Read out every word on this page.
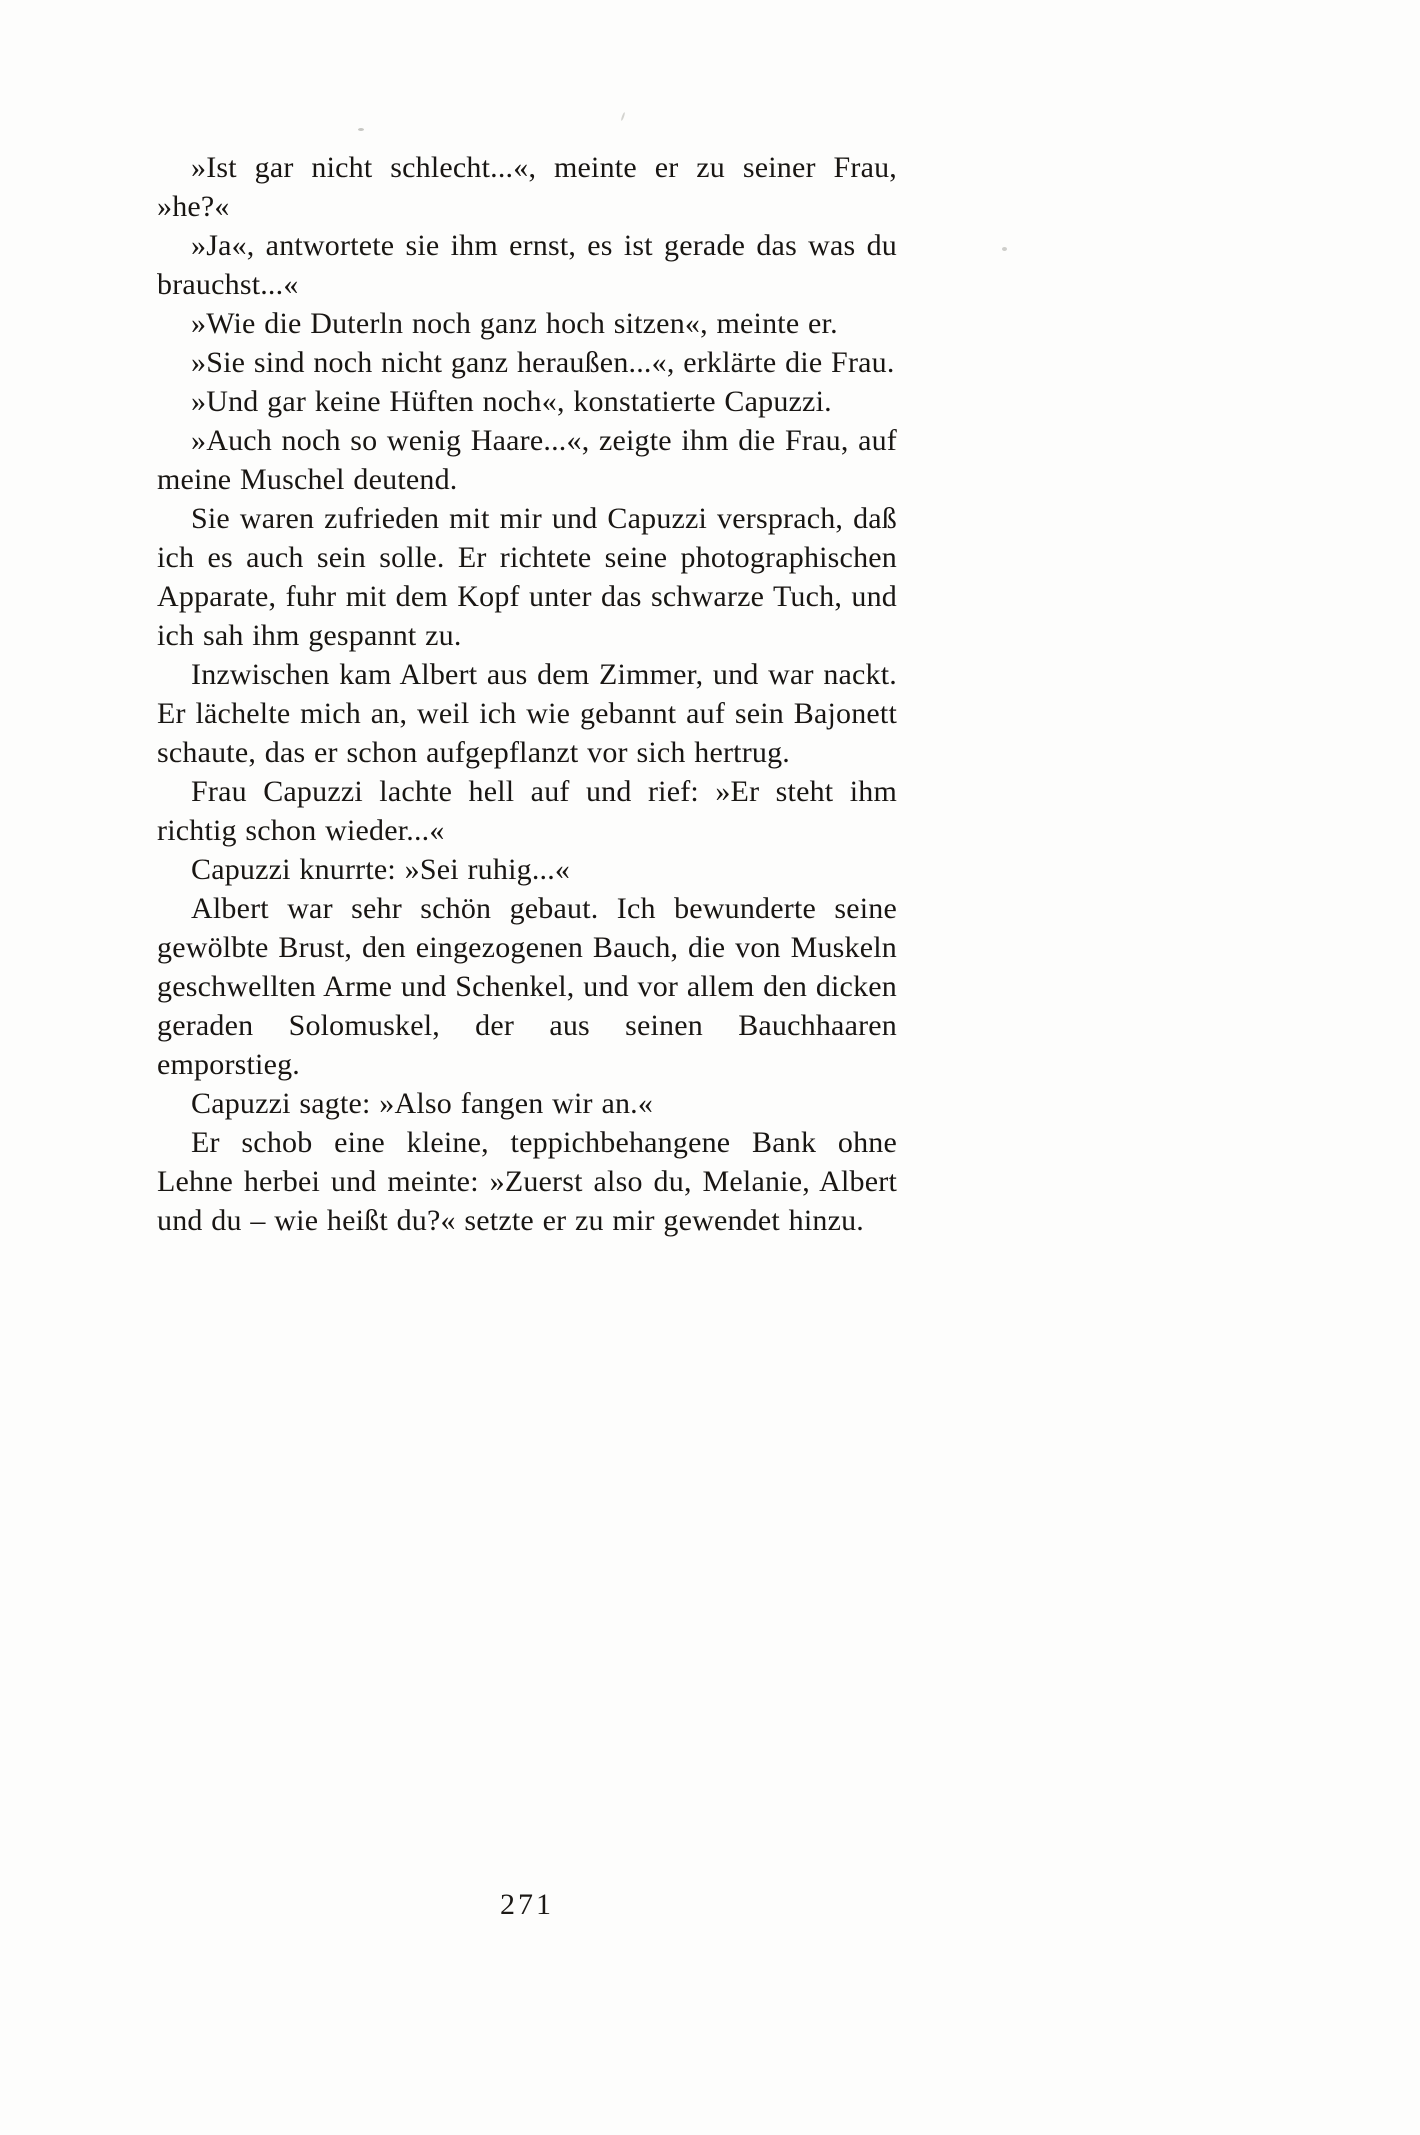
»Ist gar nicht schlecht...«, meinte er zu seiner Frau, »he?«

»Ja«, antwortete sie ihm ernst, es ist gerade das was du brauchst...«

»Wie die Duterln noch ganz hoch sitzen«, meinte er.

»Sie sind noch nicht ganz heraußen...«, erklärte die Frau.

»Und gar keine Hüften noch«, konstatierte Capuzzi.

»Auch noch so wenig Haare...«, zeigte ihm die Frau, auf meine Muschel deutend.

Sie waren zufrieden mit mir und Capuzzi versprach, daß ich es auch sein solle. Er richtete seine photographischen Apparate, fuhr mit dem Kopf unter das schwarze Tuch, und ich sah ihm gespannt zu.

Inzwischen kam Albert aus dem Zimmer, und war nackt. Er lächelte mich an, weil ich wie gebannt auf sein Bajonett schaute, das er schon aufgepflanzt vor sich hertrug.

Frau Capuzzi lachte hell auf und rief: »Er steht ihm richtig schon wieder...«

Capuzzi knurrte: »Sei ruhig...«

Albert war sehr schön gebaut. Ich bewunderte seine gewölbte Brust, den eingezogenen Bauch, die von Muskeln geschwellten Arme und Schenkel, und vor allem den dicken geraden Solomuskel, der aus seinen Bauchhaaren emporstieg.

Capuzzi sagte: »Also fangen wir an.«

Er schob eine kleine, teppichbehangene Bank ohne Lehne herbei und meinte: »Zuerst also du, Melanie, Albert und du – wie heißt du?« setzte er zu mir gewendet hinzu.

271
